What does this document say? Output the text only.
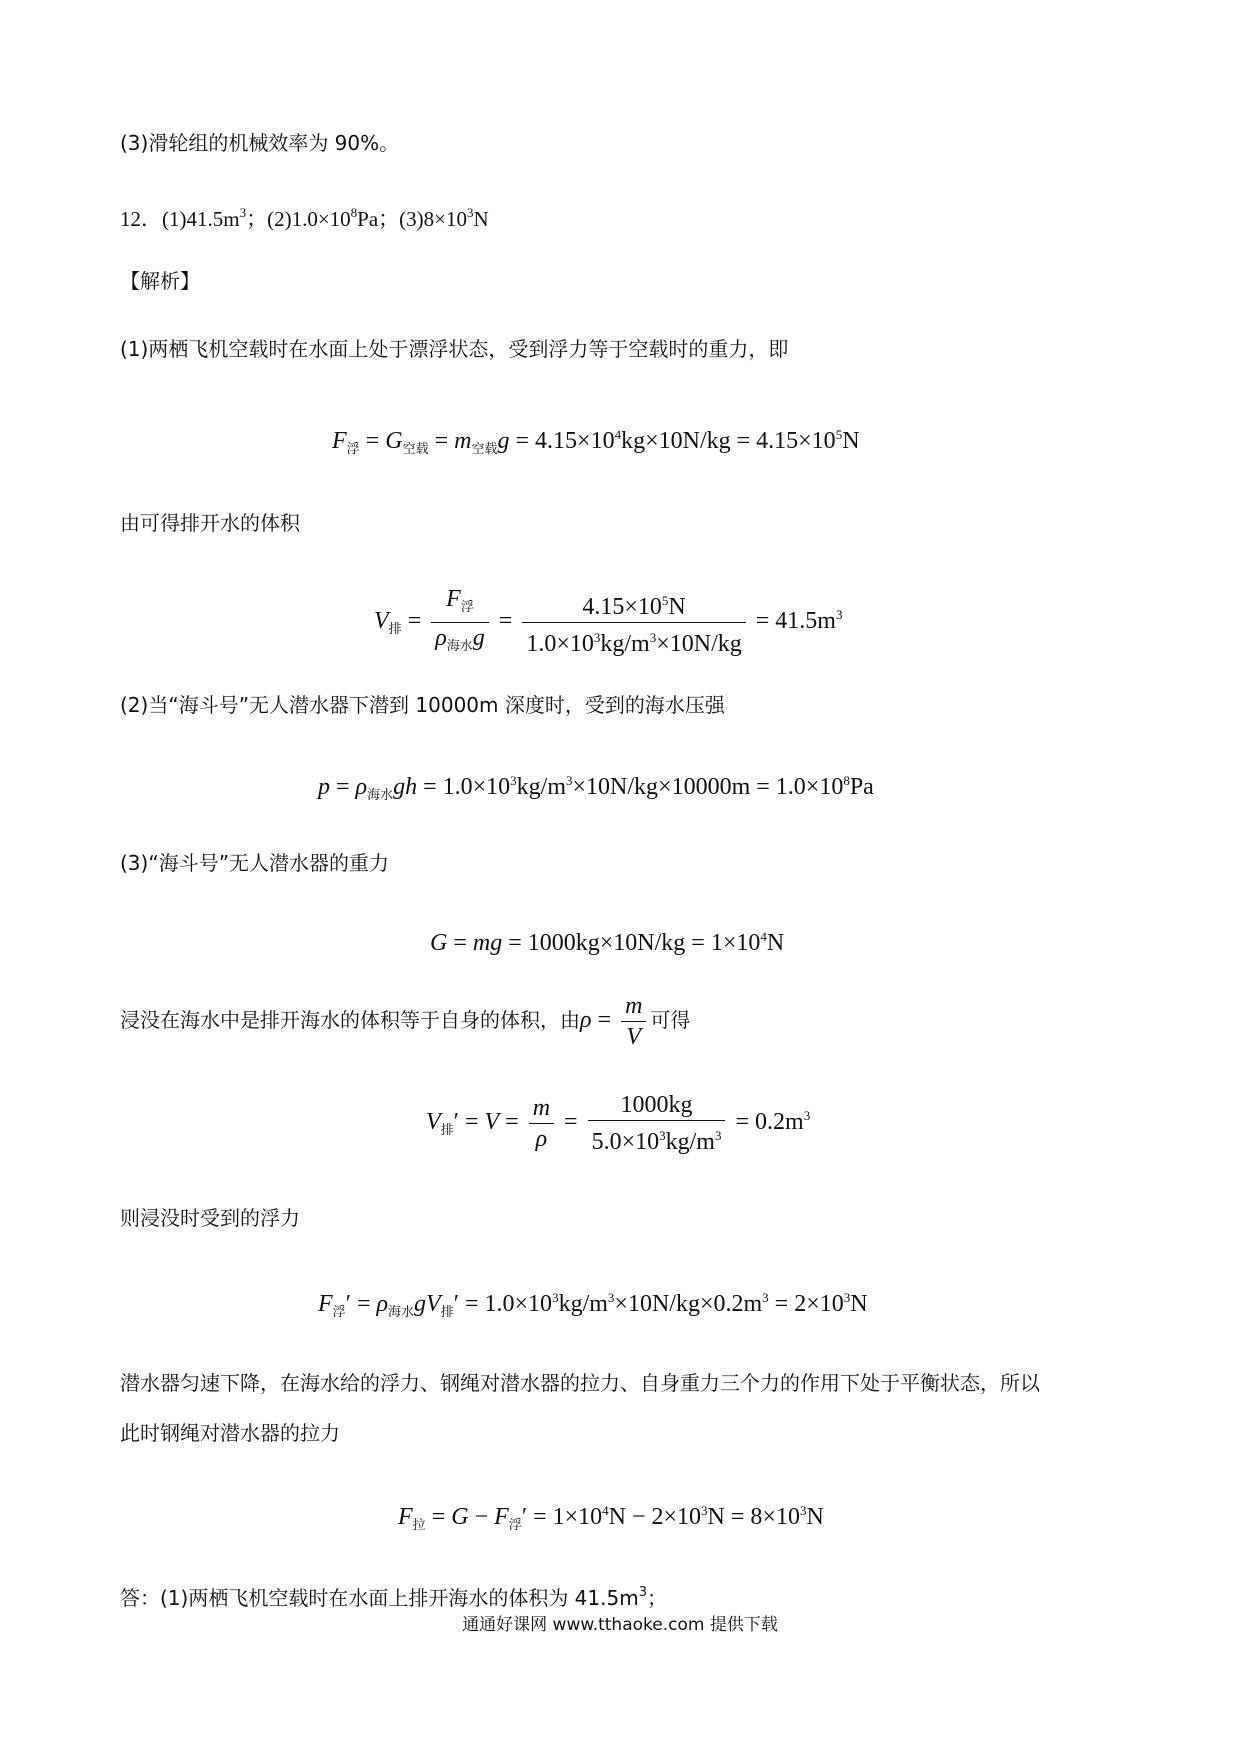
(3)滑轮组的机械效率为 90%。
12．$(1)41.5m^3$；$(2)1.0\times 10^8Pa$；$(3)8\times 10^3N$
【解析】
(1)两栖飞机空载时在水面上处于漂浮状态，受到浮力等于空载时的重力，即
$F_浮 = G_{空载} = m_{空载}g = 4.15\times 10^4kg\times 10N/kg = 4.15\times 10^5N$
由可得排开水的体积
$V_排 = \frac{F_浮}{\rho_{海水}g} = \frac{4.15\times 10^5N}{1.0\times 10^3kg/m^3\times 10N/kg} = 41.5m^3$
(2)当“海斗号”无人潜水器下潜到 10000m 深度时，受到的海水压强
$p = \rho_{海水}gh = 1.0\times 10^3kg/m^3\times 10N/kg\times 10000m = 1.0\times 10^8Pa$
(3)“海斗号”无人潜水器的重力
G = mg = $1000kg\times 10N/kg = 1\times 10^4N$
浸没在海水中是排开海水的体积等于自身的体积，由$\rho = \frac{m}{V}$ 可得
$V_排' = V = \frac{m}{\rho} = \frac{1000kg}{5.0\times 10^3kg/m^3} = 0.2m^3$
则浸没时受到的浮力
$F_浮' = \rho_{海水}gV_排' = 1.0\times 10^3kg/m^3\times 10N/kg\times 0.2m^3 = 2\times 10^3N$
潜水器匀速下降，在海水给的浮力、钢绳对潜水器的拉力、自身重力三个力的作用下处于平衡状态，所以
此时钢绳对潜水器的拉力
$F_拉 = G - F_浮' = 1\times 10^4N - 2\times 10^3N = 8\times 10^3N$
答：(1)两栖飞机空载时在水面上排开海水的体积为 $41.5m^3$；
通通好课网 www.tthaoke.com 提供下载
